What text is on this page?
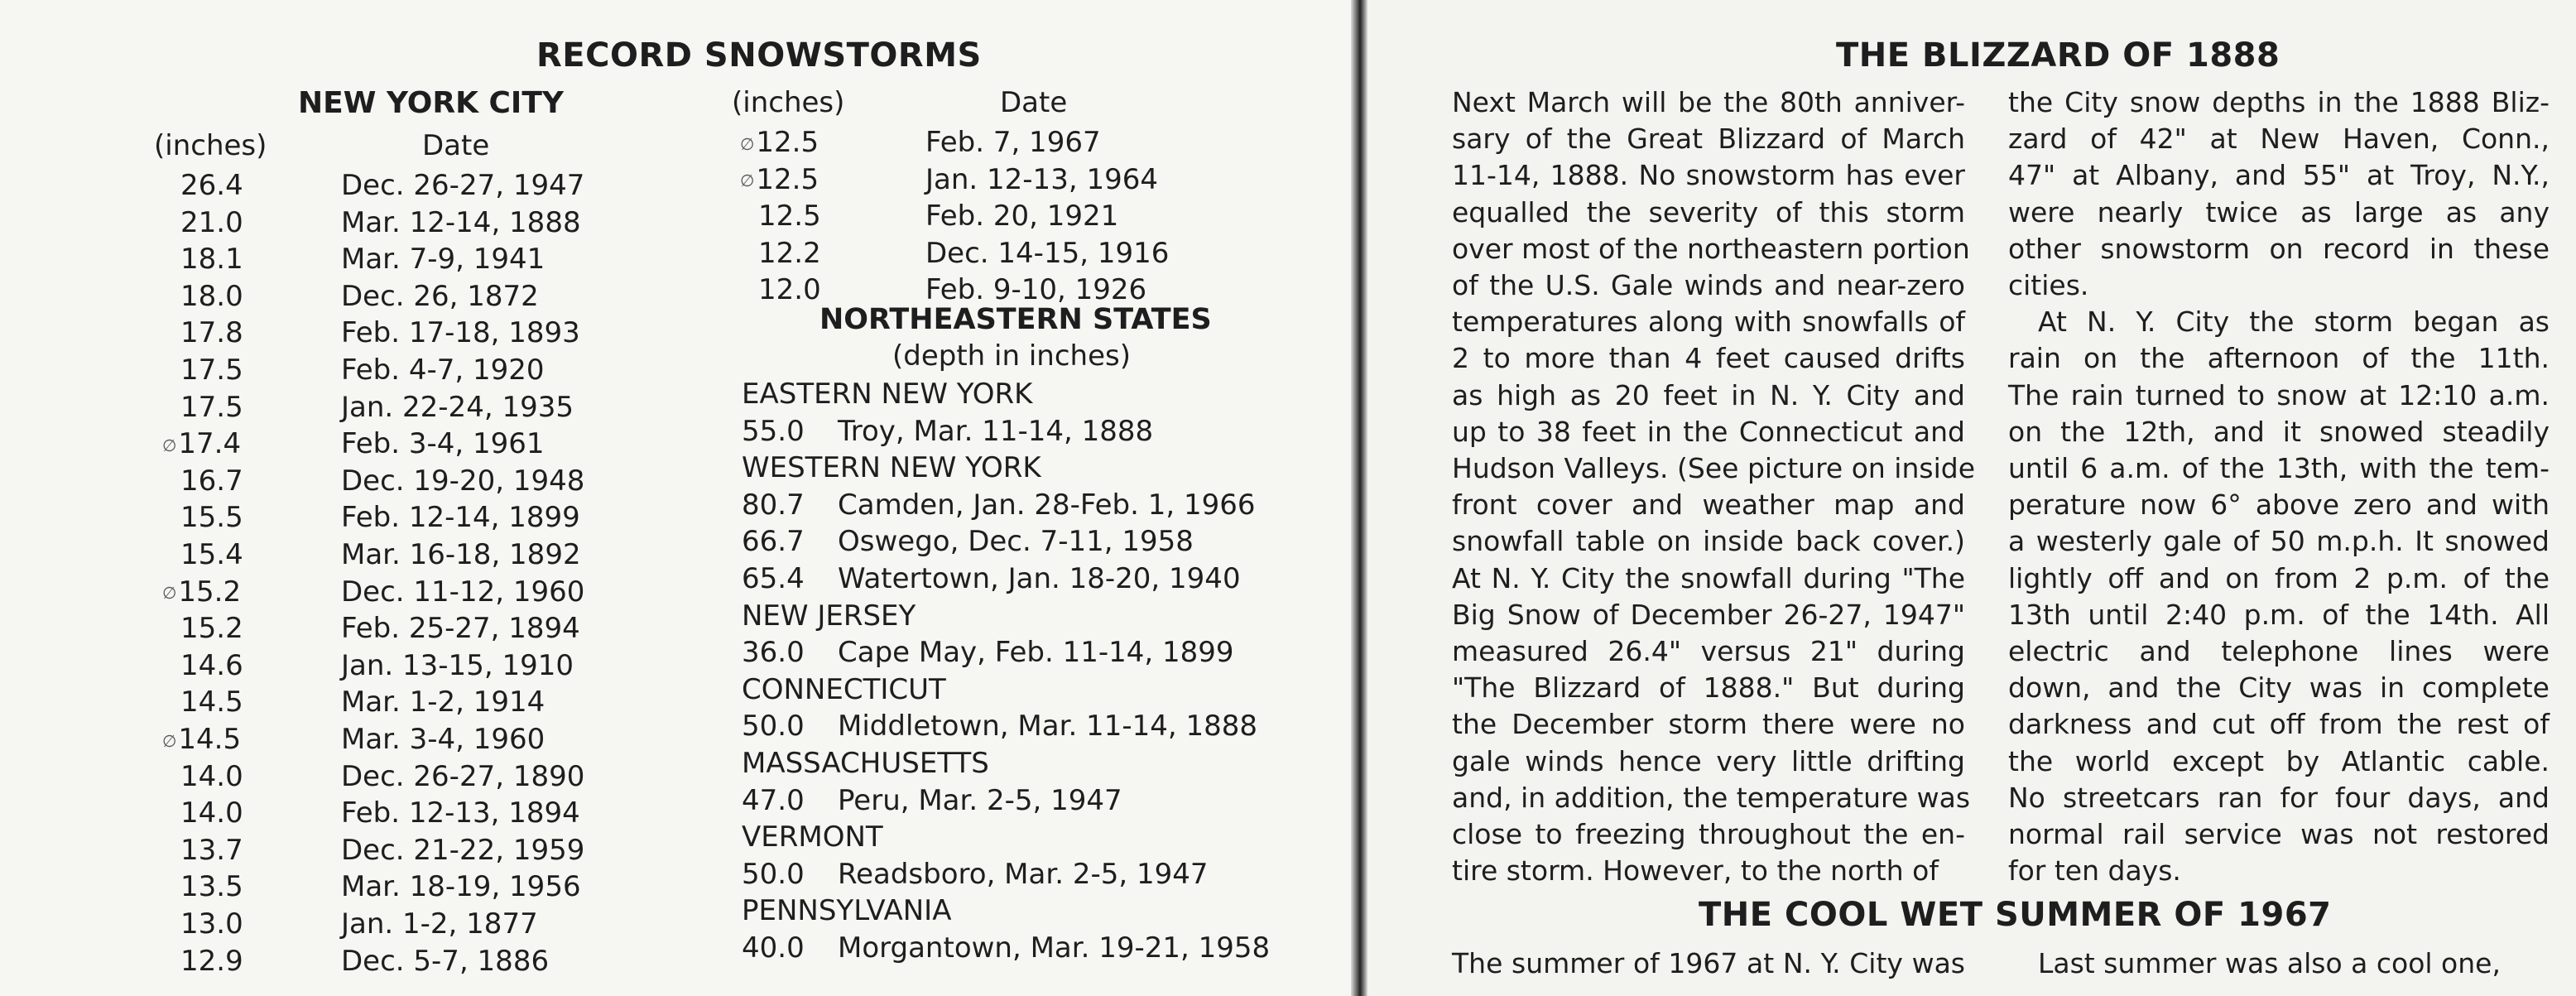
RECORD SNOWSTORMS
NEW YORK CITY
(inches)	Date
26.4	Dec. 26-27, 1947
21.0	Mar. 12-14, 1888
18.1	Mar. 7-9, 1941
18.0	Dec. 26, 1872
17.8	Feb. 17-18, 1893
17.5	Feb. 4-7, 1920
17.5	Jan. 22-24, 1935
∅17.4	Feb. 3-4, 1961
16.7	Dec. 19-20, 1948
15.5	Feb. 12-14, 1899
15.4	Mar. 16-18, 1892
∅15.2	Dec. 11-12, 1960
15.2	Feb. 25-27, 1894
14.6	Jan. 13-15, 1910
14.5	Mar. 1-2, 1914
∅14.5	Mar. 3-4, 1960
14.0	Dec. 26-27, 1890
14.0	Feb. 12-13, 1894
13.7	Dec. 21-22, 1959
13.5	Mar. 18-19, 1956
13.0	Jan. 1-2, 1877
12.9	Dec. 5-7, 1886
(inches)	Date
∅12.5	Feb. 7, 1967
∅12.5	Jan. 12-13, 1964
12.5	Feb. 20, 1921
12.2	Dec. 14-15, 1916
12.0	Feb. 9-10, 1926
NORTHEASTERN STATES
(depth in inches)
EASTERN NEW YORK
55.0 Troy, Mar. 11-14, 1888
WESTERN NEW YORK
80.7 Camden, Jan. 28-Feb. 1, 1966
66.7 Oswego, Dec. 7-11, 1958
65.4 Watertown, Jan. 18-20, 1940
NEW JERSEY
36.0 Cape May, Feb. 11-14, 1899
CONNECTICUT
50.0 Middletown, Mar. 11-14, 1888
MASSACHUSETTS
47.0 Peru, Mar. 2-5, 1947
VERMONT
50.0 Readsboro, Mar. 2-5, 1947
PENNSYLVANIA
40.0 Morgantown, Mar. 19-21, 1958
THE BLIZZARD OF 1888
Next March will be the 80th anniver-
sary of the Great Blizzard of March
11-14, 1888. No snowstorm has ever
equalled the severity of this storm
over most of the northeastern portion
of the U.S. Gale winds and near-zero
temperatures along with snowfalls of
2 to more than 4 feet caused drifts
as high as 20 feet in N. Y. City and
up to 38 feet in the Connecticut and
Hudson Valleys. (See picture on inside
front cover and weather map and
snowfall table on inside back cover.)
At N. Y. City the snowfall during "The
Big Snow of December 26-27, 1947"
measured 26.4" versus 21" during
"The Blizzard of 1888." But during
the December storm there were no
gale winds hence very little drifting
and, in addition, the temperature was
close to freezing throughout the en-
tire storm. However, to the north of
the City snow depths in the 1888 Bliz-
zard of 42" at New Haven, Conn.,
47" at Albany, and 55" at Troy, N.Y.,
were nearly twice as large as any
other snowstorm on record in these
cities.
At N. Y. City the storm began as
rain on the afternoon of the 11th.
The rain turned to snow at 12:10 a.m.
on the 12th, and it snowed steadily
until 6 a.m. of the 13th, with the tem-
perature now 6° above zero and with
a westerly gale of 50 m.p.h. It snowed
lightly off and on from 2 p.m. of the
13th until 2:40 p.m. of the 14th. All
electric and telephone lines were
down, and the City was in complete
darkness and cut off from the rest of
the world except by Atlantic cable.
No streetcars ran for four days, and
normal rail service was not restored
for ten days.
THE COOL WET SUMMER OF 1967
The summer of 1967 at N. Y. City was	Last summer was also a cool one,
